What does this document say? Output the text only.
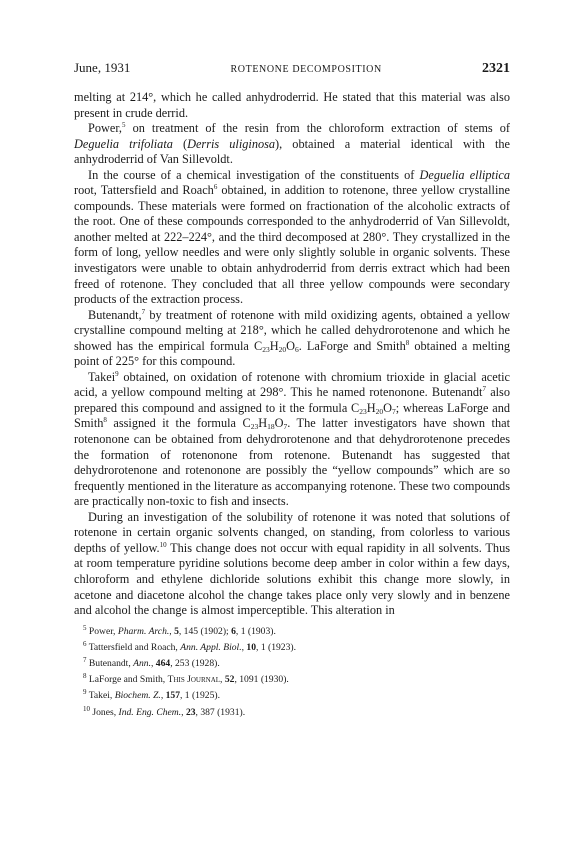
June, 1931	ROTENONE DECOMPOSITION	2321

melting at 214°, which he called anhydroderrid. He stated that this material was also present in crude derrid.

Power,$^5$ on treatment of the resin from the chloroform extraction of stems of Deguelia trifoliata (Derris uliginosa), obtained a material identical with the anhydroderrid of Van Sillevoldt.

In the course of a chemical investigation of the constituents of Deguelia elliptica root, Tattersfield and Roach$^6$ obtained, in addition to rotenone, three yellow crystalline compounds. These materials were formed on fractionation of the alcoholic extracts of the root. One of these compounds corresponded to the anhydroderrid of Van Sillevoldt, another melted at 222–224°, and the third decomposed at 280°. They crystallized in the form of long, yellow needles and were only slightly soluble in organic solvents. These investigators were unable to obtain anhydroderrid from derris extract which had been freed of rotenone. They concluded that all three yellow compounds were secondary products of the extraction process.

Butenandt,$^7$ by treatment of rotenone with mild oxidizing agents, obtained a yellow crystalline compound melting at 218°, which he called dehydrorotenone and which he showed has the empirical formula $C_{23}H_{20}O_6$. LaForge and Smith$^8$ obtained a melting point of 225° for this compound.

Takei$^9$ obtained, on oxidation of rotenone with chromium trioxide in glacial acetic acid, a yellow compound melting at 298°. This he named rotenonone. Butenandt$^7$ also prepared this compound and assigned to it the formula $C_{23}H_{20}O_7$; whereas LaForge and Smith$^8$ assigned it the formula $C_{23}H_{18}O_7$. The latter investigators have shown that rotenonone can be obtained from dehydrorotenone and that dehydrorotenone precedes the formation of rotenonone from rotenone. Butenandt has suggested that dehydrorotenone and rotenonone are possibly the “yellow compounds” which are so frequently mentioned in the literature as accompanying rotenone. These two compounds are practically non-toxic to fish and insects.

During an investigation of the solubility of rotenone it was noted that solutions of rotenone in certain organic solvents changed, on standing, from colorless to various depths of yellow.$^{10}$ This change does not occur with equal rapidity in all solvents. Thus at room temperature pyridine solutions become deep amber in color within a few days, chloroform and ethylene dichloride solutions exhibit this change more slowly, in acetone and diacetone alcohol the change takes place only very slowly and in benzene and alcohol the change is almost imperceptible. This alteration in

$^5$ Power, Pharm. Arch., 5, 145 (1902); 6, 1 (1903).

$^6$ Tattersfield and Roach, Ann. Appl. Biol., 10, 1 (1923).

$^7$ Butenandt, Ann., 464, 253 (1928).

$^8$ LaForge and Smith, This Journal, 52, 1091 (1930).

$^9$ Takei, Biochem. Z., 157, 1 (1925).

$^{10}$ Jones, Ind. Eng. Chem., 23, 387 (1931).
